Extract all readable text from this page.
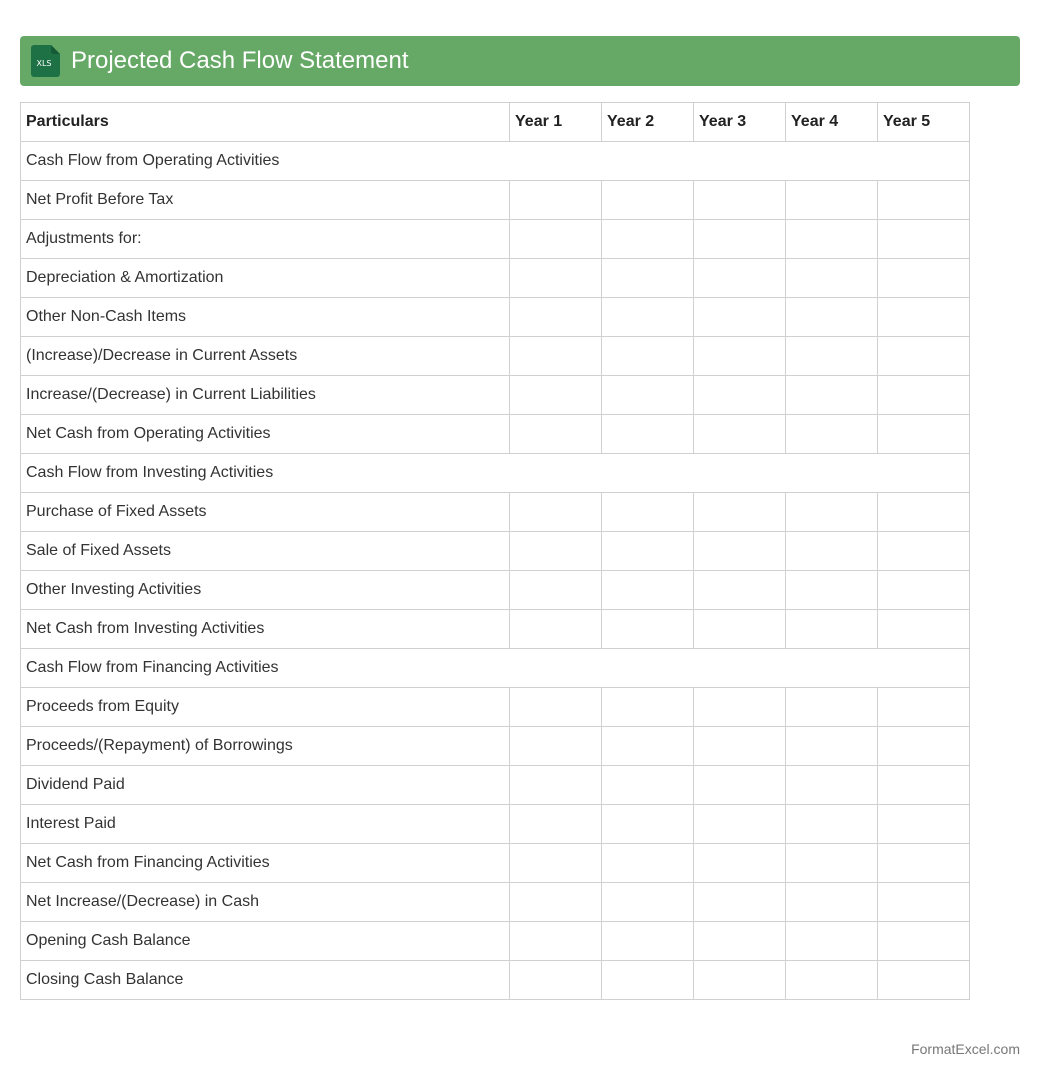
XLS Projected Cash Flow Statement
Particulars	Year 1	Year 2	Year 3	Year 4	Year 5
Cash Flow from Operating Activities					
Net Profit Before Tax					
Adjustments for:					
Depreciation & Amortization					
Other Non-Cash Items					
(Increase)/Decrease in Current Assets					
Increase/(Decrease) in Current Liabilities					
Net Cash from Operating Activities					
Cash Flow from Investing Activities					
Purchase of Fixed Assets					
Sale of Fixed Assets					
Other Investing Activities					
Net Cash from Investing Activities					
Cash Flow from Financing Activities					
Proceeds from Equity					
Proceeds/(Repayment) of Borrowings					
Dividend Paid					
Interest Paid					
Net Cash from Financing Activities					
Net Increase/(Decrease) in Cash					
Opening Cash Balance					
Closing Cash Balance					
FormatExcel.com
